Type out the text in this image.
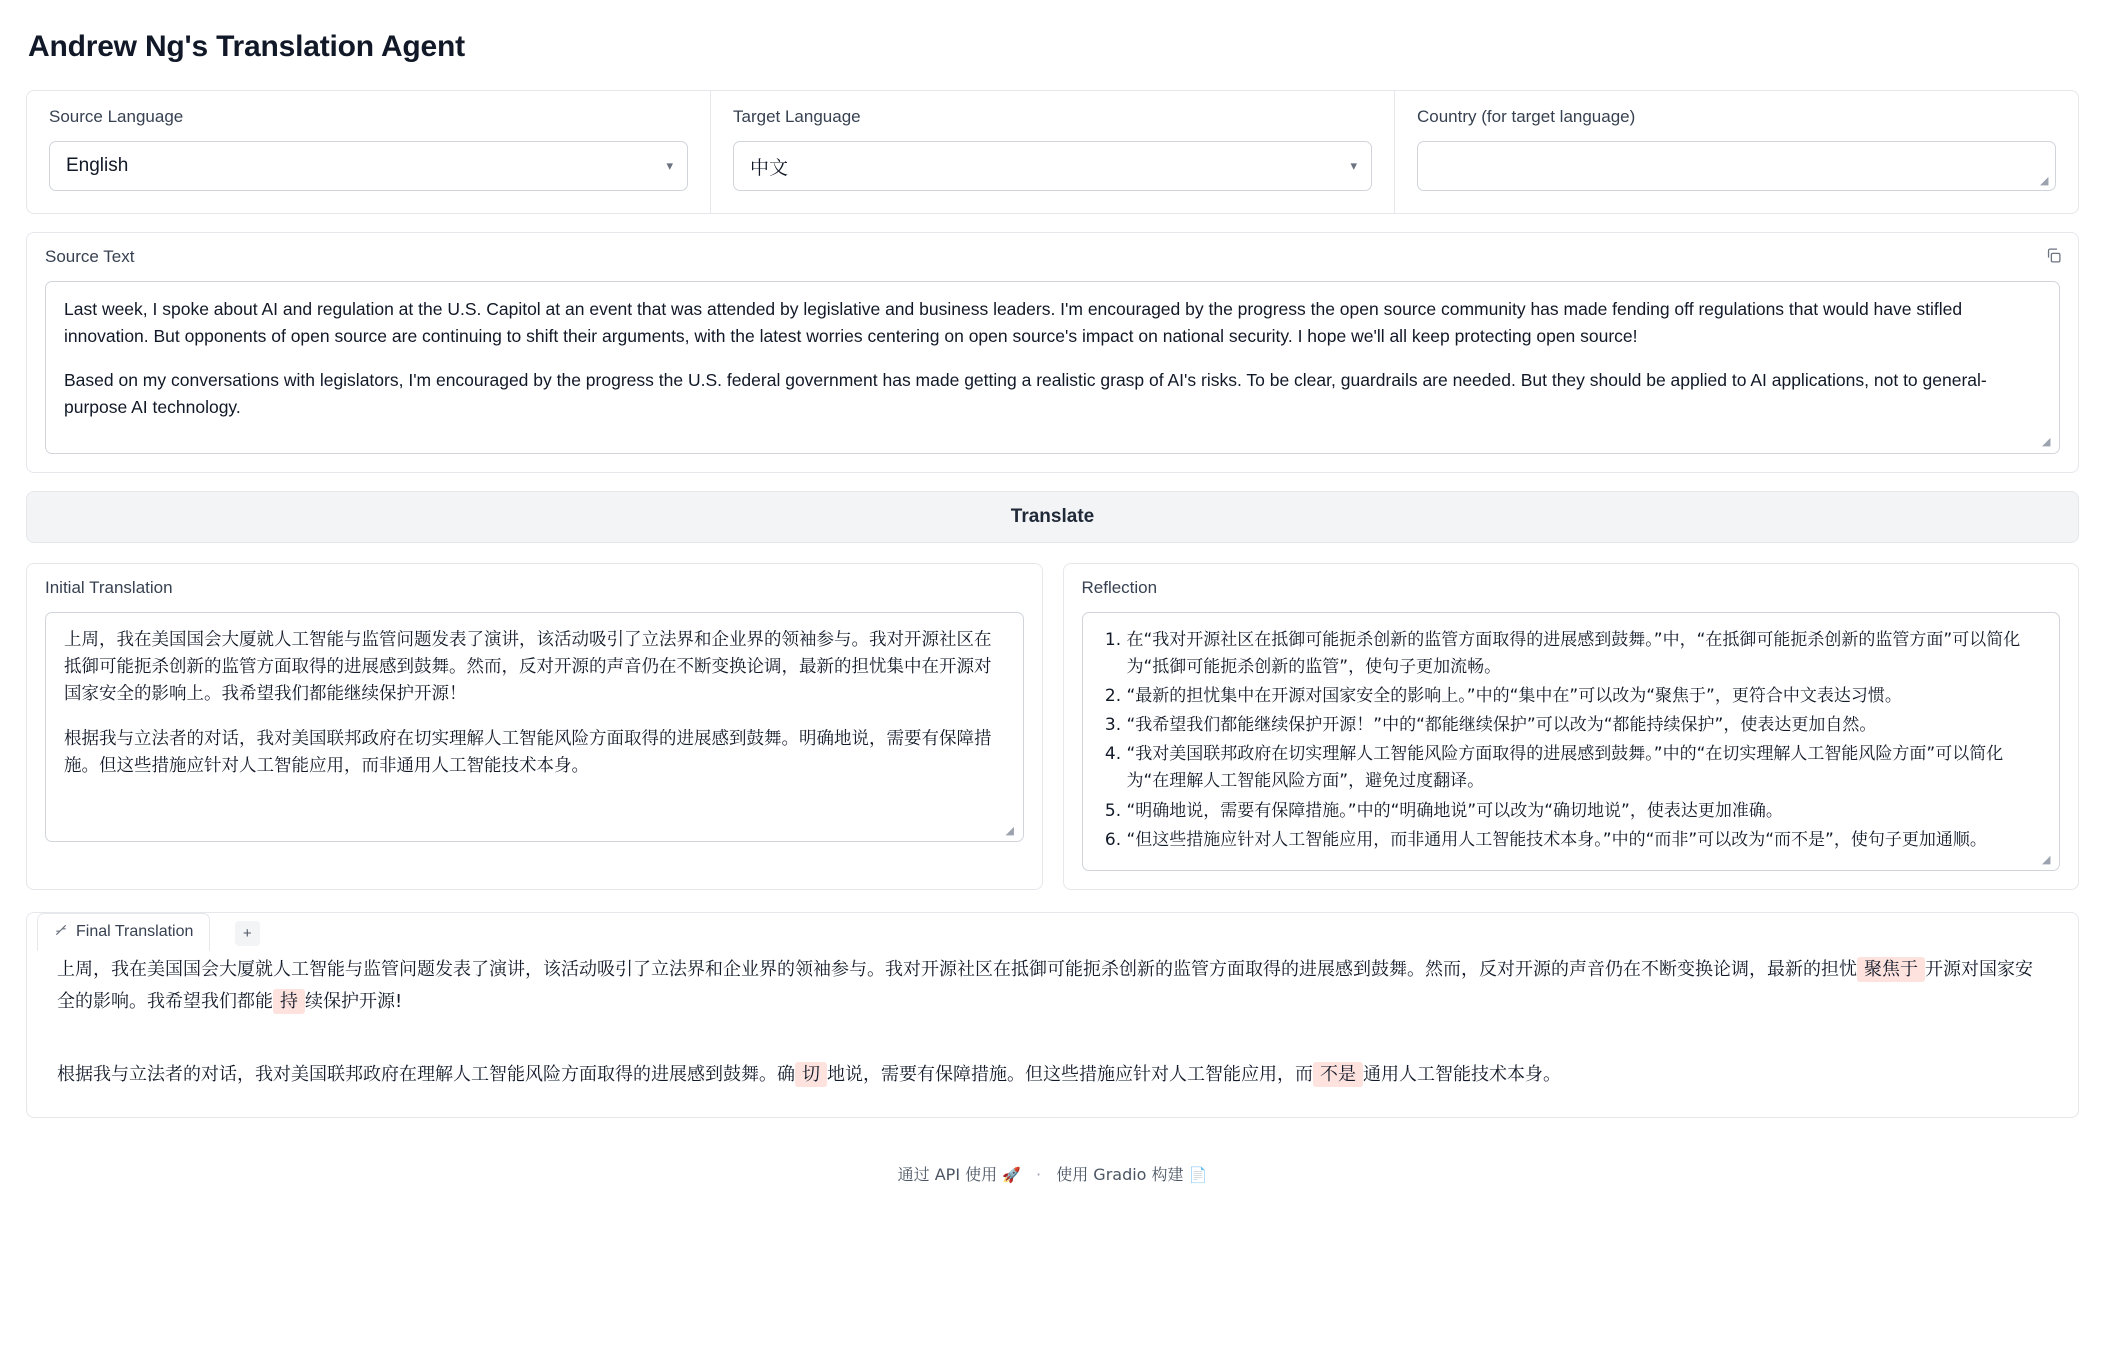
Andrew Ng's Translation Agent
Source Language
English	▾
Target Language
中文	▾
Country (for target language)
◢
Source Text

Last week, I spoke about AI and regulation at the U.S. Capitol at an event that was attended by legislative and business leaders. I'm encouraged by the progress the open source community has made fending off regulations that would have stifled innovation. But opponents of open source are continuing to shift their arguments, with the latest worries centering on open source's impact on national security. I hope we'll all keep protecting open source!

Based on my conversations with legislators, I'm encouraged by the progress the U.S. federal government has made getting a realistic grasp of AI's risks. To be clear, guardrails are needed. But they should be applied to AI applications, not to general-purpose AI technology.

◢
Translate
Initial Translation

上周，我在美国国会大厦就人工智能与监管问题发表了演讲，该活动吸引了立法界和企业界的领袖参与。我对开源社区在抵御可能扼杀创新的监管方面取得的进展感到鼓舞。然而，反对开源的声音仍在不断变换论调，最新的担忧集中在开源对国家安全的影响上。我希望我们都能继续保护开源！

根据我与立法者的对话，我对美国联邦政府在切实理解人工智能风险方面取得的进展感到鼓舞。明确地说，需要有保障措施。但这些措施应针对人工智能应用，而非通用人工智能技术本身。

◢
Reflection
1. 在“我对开源社区在抵御可能扼杀创新的监管方面取得的进展感到鼓舞。”中，“在抵御可能扼杀创新的监管方面”可以简化为“抵御可能扼杀创新的监管”，使句子更加流畅。
2. “最新的担忧集中在开源对国家安全的影响上。”中的“集中在”可以改为“聚焦于”，更符合中文表达习惯。
3. “我希望我们都能继续保护开源！”中的“都能继续保护”可以改为“都能持续保护”，使表达更加自然。
4. “我对美国联邦政府在切实理解人工智能风险方面取得的进展感到鼓舞。”中的“在切实理解人工智能风险方面”可以简化为“在理解人工智能风险方面”，避免过度翻译。
5. “明确地说，需要有保障措施。”中的“明确地说”可以改为“确切地说”，使表达更加准确。
6. “但这些措施应针对人工智能应用，而非通用人工智能技术本身。”中的“而非”可以改为“而不是”，使句子更加通顺。
◢
Final Translation	+

上周，我在美国国会大厦就人工智能与监管问题发表了演讲，该活动吸引了立法界和企业界的领袖参与。我对开源社区在抵御可能扼杀创新的监管方面取得的进展感到鼓舞。然而，反对开源的声音仍在不断变换论调，最新的担忧 聚焦于 开源对国家安全的影响。我希望我们都能 持 续保护开源!

根据我与立法者的对话，我对美国联邦政府在理解人工智能风险方面取得的进展感到鼓舞。确 切 地说，需要有保障措施。但这些措施应针对人工智能应用，而 不是 通用人工智能技术本身。

通过 API 使用 🚀 · 使用 Gradio 构建 📄
